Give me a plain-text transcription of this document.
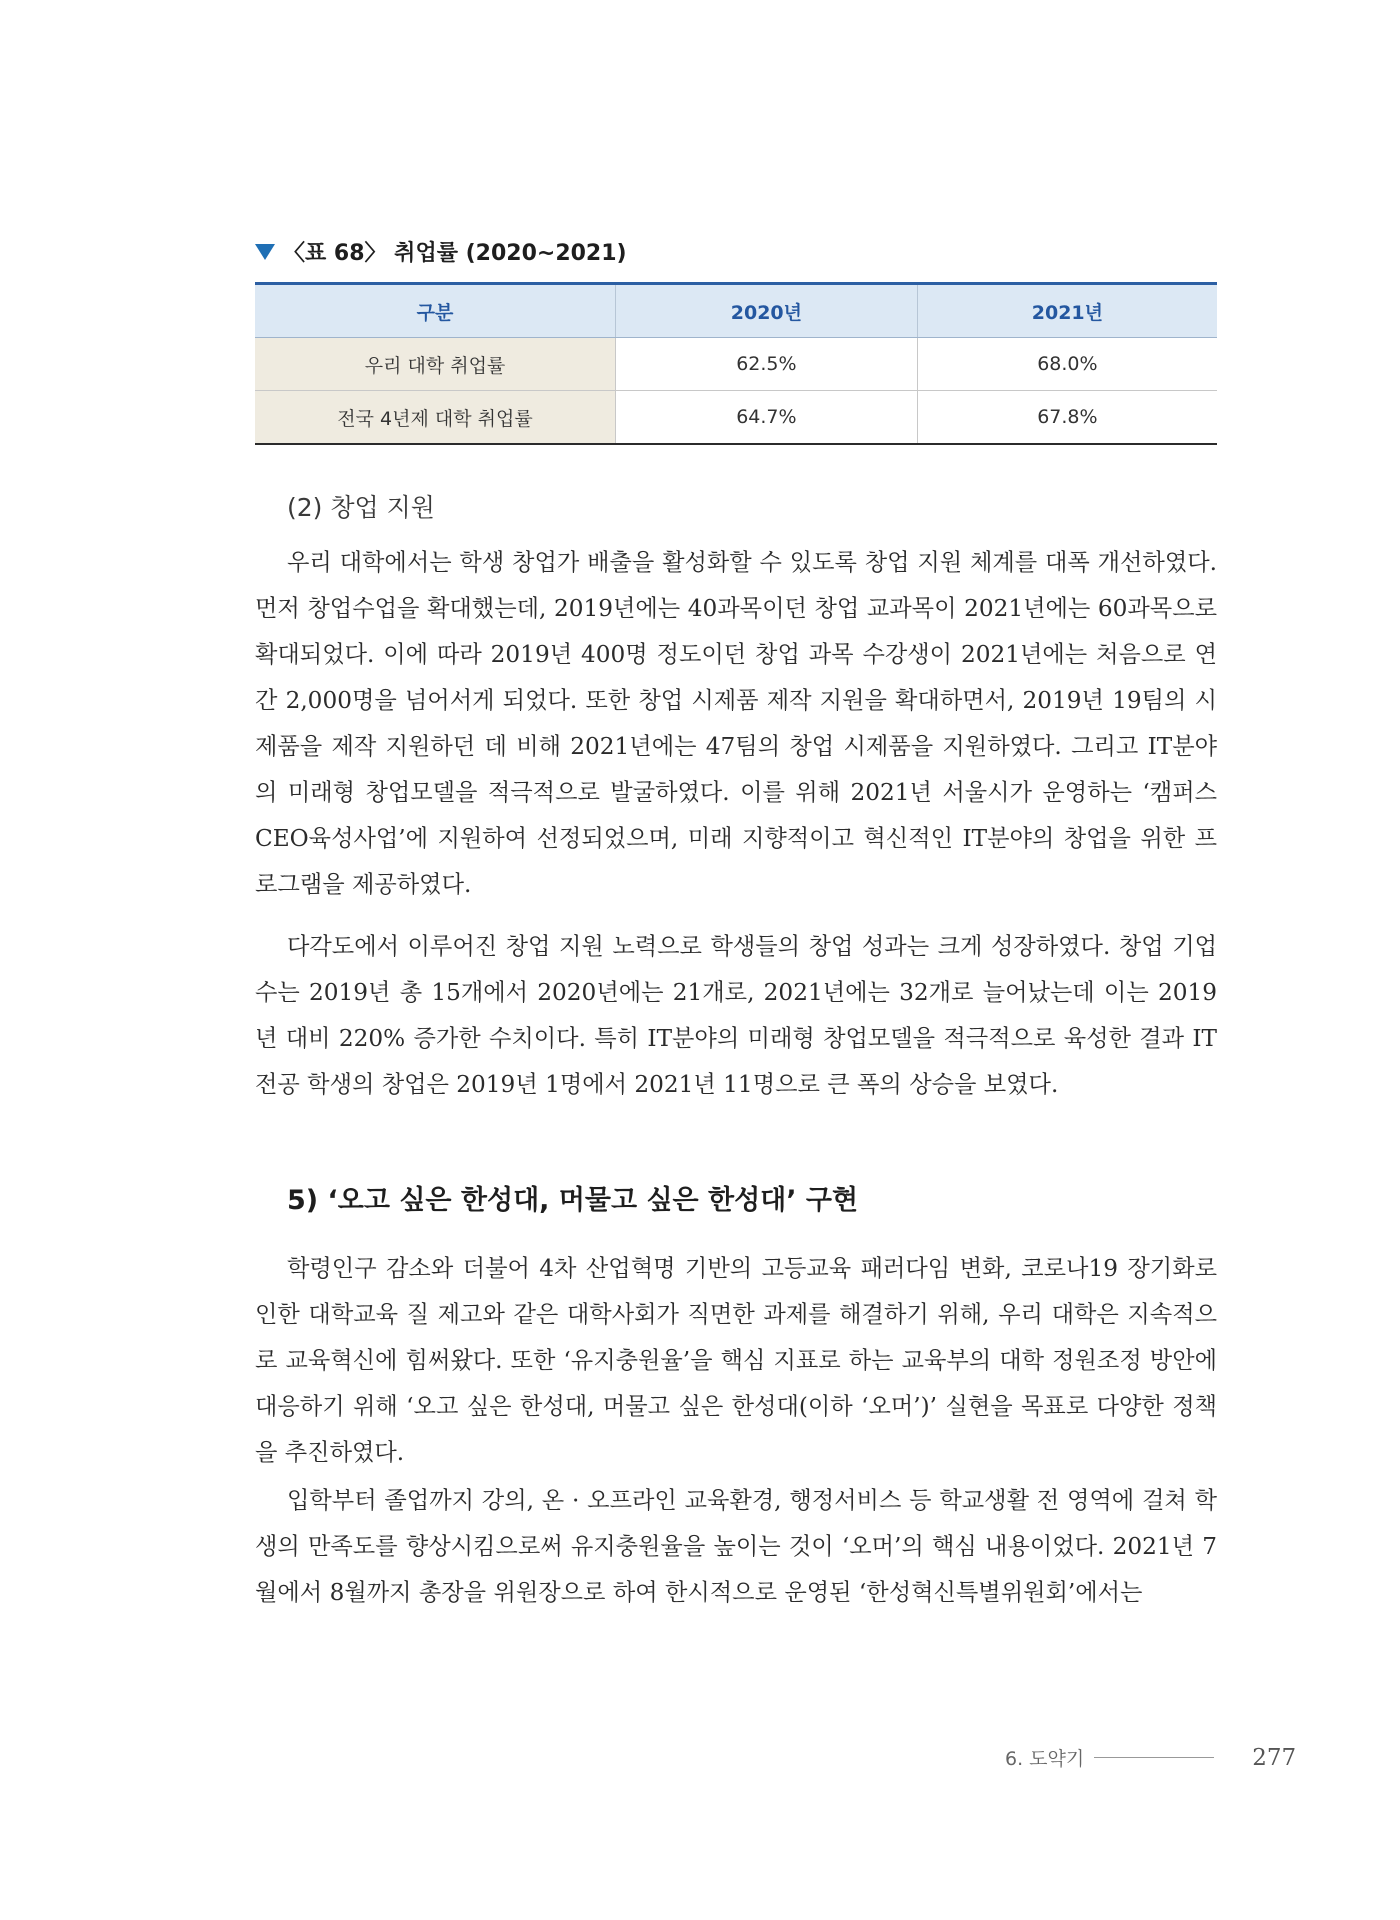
〈표 68〉 취업률 (2020~2021)
구분	2020년	2021년
우리 대학 취업률	62.5%	68.0%
전국 4년제 대학 취업률	64.7%	67.8%
(2) 창업 지원

우리 대학에서는 학생 창업가 배출을 활성화할 수 있도록 창업 지원 체계를 대폭 개선하였다. 먼저 창업수업을 확대했는데, 2019년에는 40과목이던 창업 교과목이 2021년에는 60과목으로 확대되었다. 이에 따라 2019년 400명 정도이던 창업 과목 수강생이 2021년에는 처음으로 연간 2,000명을 넘어서게 되었다. 또한 창업 시제품 제작 지원을 확대하면서, 2019년 19팀의 시제품을 제작 지원하던 데 비해 2021년에는 47팀의 창업 시제품을 지원하였다. 그리고 IT분야의 미래형 창업모델을 적극적으로 발굴하였다. 이를 위해 2021년 서울시가 운영하는 ‘캠퍼스CEO육성사업’에 지원하여 선정되었으며, 미래 지향적이고 혁신적인 IT분야의 창업을 위한 프로그램을 제공하였다.

다각도에서 이루어진 창업 지원 노력으로 학생들의 창업 성과는 크게 성장하였다. 창업 기업 수는 2019년 총 15개에서 2020년에는 21개로, 2021년에는 32개로 늘어났는데 이는 2019년 대비 220% 증가한 수치이다. 특히 IT분야의 미래형 창업모델을 적극적으로 육성한 결과 IT전공 학생의 창업은 2019년 1명에서 2021년 11명으로 큰 폭의 상승을 보였다.

5) ‘오고 싶은 한성대, 머물고 싶은 한성대’ 구현

학령인구 감소와 더불어 4차 산업혁명 기반의 고등교육 패러다임 변화, 코로나19 장기화로 인한 대학교육 질 제고와 같은 대학사회가 직면한 과제를 해결하기 위해, 우리 대학은 지속적으로 교육혁신에 힘써왔다. 또한 ‘유지충원율’을 핵심 지표로 하는 교육부의 대학 정원조정 방안에 대응하기 위해 ‘오고 싶은 한성대, 머물고 싶은 한성대(이하 ‘오머’)’ 실현을 목표로 다양한 정책을 추진하였다.

입학부터 졸업까지 강의, 온 · 오프라인 교육환경, 행정서비스 등 학교생활 전 영역에 걸쳐 학생의 만족도를 향상시킴으로써 유지충원율을 높이는 것이 ‘오머’의 핵심 내용이었다. 2021년 7월에서 8월까지 총장을 위원장으로 하여 한시적으로 운영된 ‘한성혁신특별위원회’에서는

6. 도약기	277
